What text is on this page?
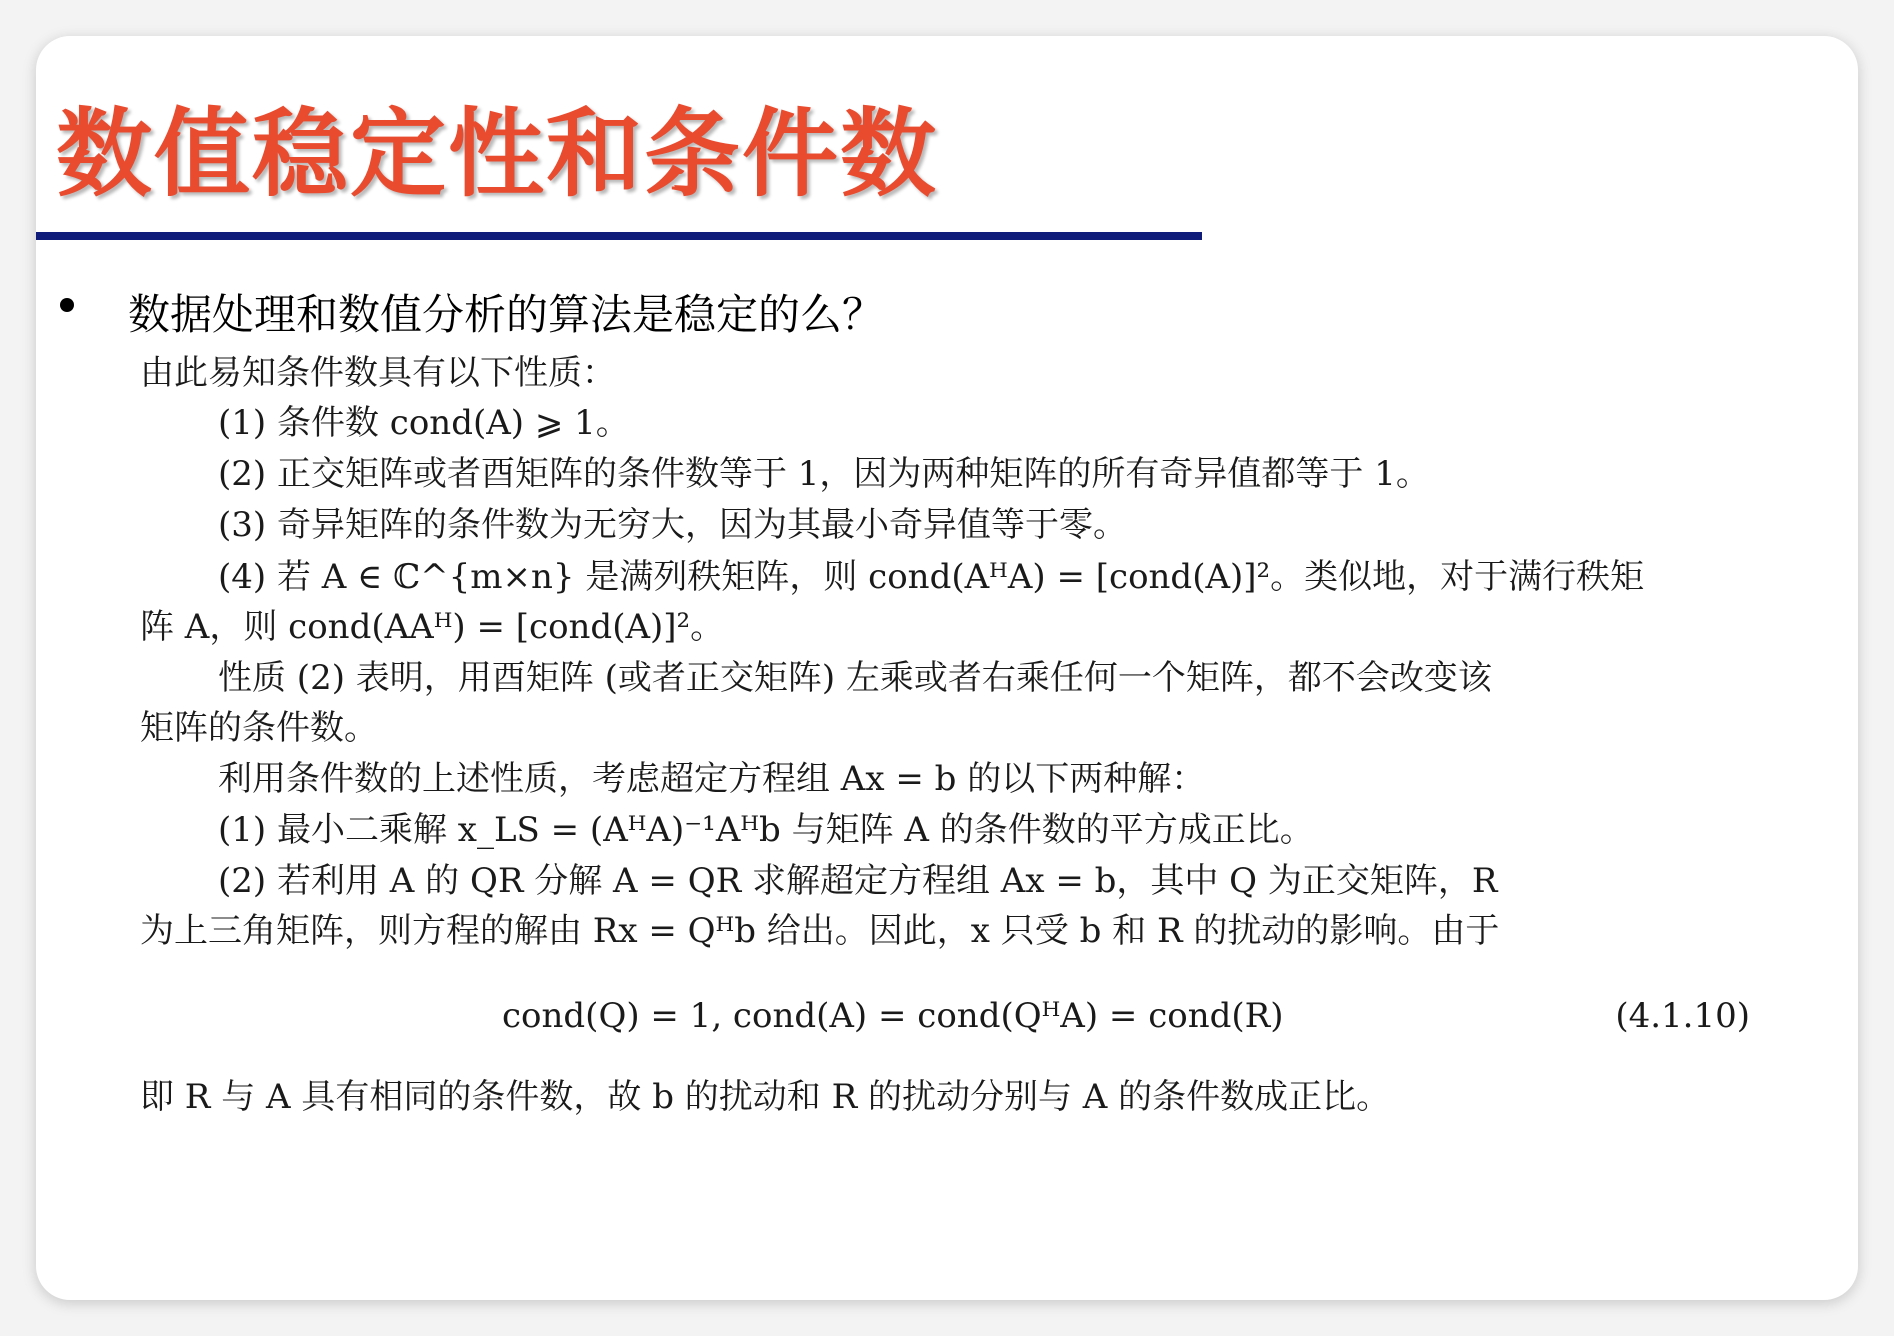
数值稳定性和条件数
数据处理和数值分析的算法是稳定的么？
由此易知条件数具有以下性质：
(1) 条件数 cond(A) ⩾ 1。
(2) 正交矩阵或者酉矩阵的条件数等于 1，因为两种矩阵的所有奇异值都等于 1。
(3) 奇异矩阵的条件数为无穷大，因为其最小奇异值等于零。
(4) 若 A ∈ ℂ^{m×n} 是满列秩矩阵，则 cond(AᴴA) = [cond(A)]²。类似地，对于满行秩矩
阵 A，则 cond(AAᴴ) = [cond(A)]²。
性质 (2) 表明，用酉矩阵 (或者正交矩阵) 左乘或者右乘任何一个矩阵，都不会改变该
矩阵的条件数。
利用条件数的上述性质，考虑超定方程组 Ax = b 的以下两种解：
(1) 最小二乘解 x_LS = (AᴴA)⁻¹Aᴴb 与矩阵 A 的条件数的平方成正比。
(2) 若利用 A 的 QR 分解 A = QR 求解超定方程组 Ax = b，其中 Q 为正交矩阵，R
为上三角矩阵，则方程的解由 Rx = Qᴴb 给出。因此，x 只受 b 和 R 的扰动的影响。由于
cond(Q) = 1, cond(A) = cond(QᴴA) = cond(R)	(4.1.10)
即 R 与 A 具有相同的条件数，故 b 的扰动和 R 的扰动分别与 A 的条件数成正比。
